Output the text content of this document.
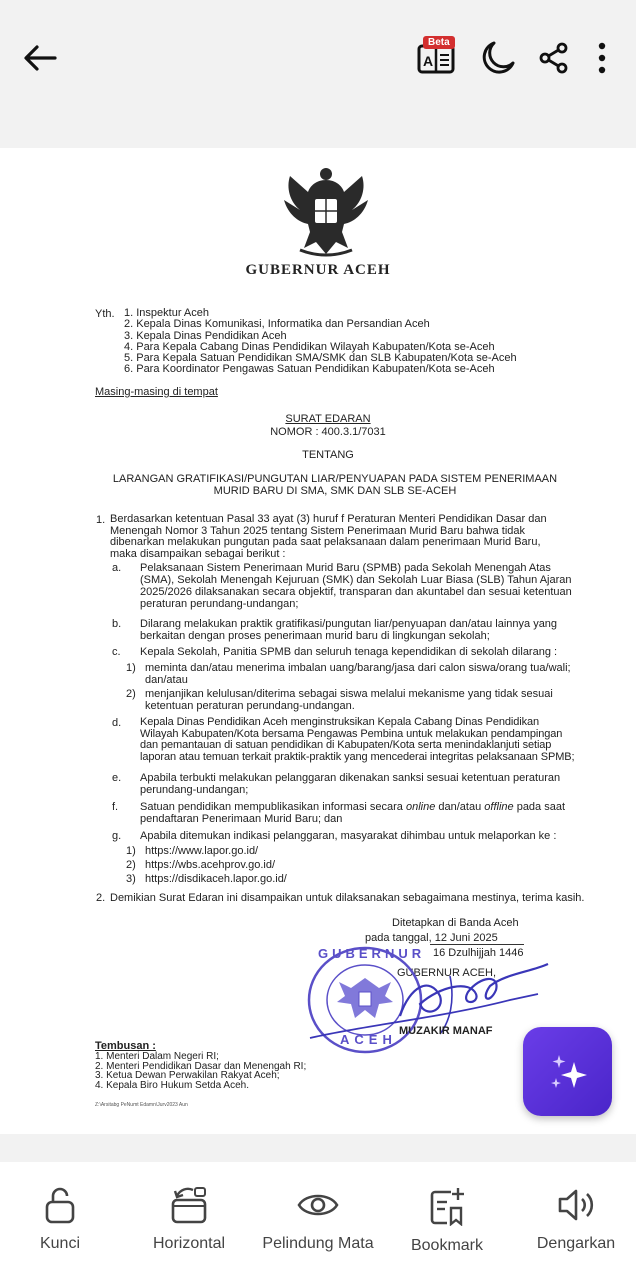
A
Beta
GUBERNUR ACEH
Yth. 1. Inspektur Aceh
2. Kepala Dinas Komunikasi, Informatika dan Persandian Aceh
3. Kepala Dinas Pendidikan Aceh
4. Para Kepala Cabang Dinas Pendidikan Wilayah Kabupaten/Kota se-Aceh
5. Para Kepala Satuan Pendidikan SMA/SMK dan SLB Kabupaten/Kota se-Aceh
6. Para Koordinator Pengawas Satuan Pendidikan Kabupaten/Kota se-Aceh
Masing-masing di tempat
SURAT EDARAN
NOMOR : 400.3.1/7031
TENTANG
LARANGAN GRATIFIKASI/PUNGUTAN LIAR/PENYUAPAN PADA SISTEM PENERIMAAN
MURID BARU DI SMA, SMK DAN SLB SE-ACEH
1. Berdasarkan ketentuan Pasal 33 ayat (3) huruf f Peraturan Menteri Pendidikan Dasar dan
Menengah Nomor 3 Tahun 2025 tentang Sistem Penerimaan Murid Baru bahwa tidak
dibenarkan melakukan pungutan pada saat pelaksanaan dalam penerimaan Murid Baru,
maka disampaikan sebagai berikut :
a. Pelaksanaan Sistem Penerimaan Murid Baru (SPMB) pada Sekolah Menengah Atas
(SMA), Sekolah Menengah Kejuruan (SMK) dan Sekolah Luar Biasa (SLB) Tahun Ajaran
2025/2026 dilaksanakan secara objektif, transparan dan akuntabel dan sesuai ketentuan
peraturan perundang-undangan;
b. Dilarang melakukan praktik gratifikasi/pungutan liar/penyuapan dan/atau lainnya yang
berkaitan dengan proses penerimaan murid baru di lingkungan sekolah;
c. Kepala Sekolah, Panitia SPMB dan seluruh tenaga kependidikan di sekolah dilarang :
1) meminta dan/atau menerima imbalan uang/barang/jasa dari calon siswa/orang tua/wali;
dan/atau
2) menjanjikan kelulusan/diterima sebagai siswa melalui mekanisme yang tidak sesuai
ketentuan peraturan perundang-undangan.
d. Kepala Dinas Pendidikan Aceh menginstruksikan Kepala Cabang Dinas Pendidikan
Wilayah Kabupaten/Kota bersama Pengawas Pembina untuk melakukan pendampingan
dan pemantauan di satuan pendidikan di Kabupaten/Kota serta menindaklanjuti setiap
laporan atau temuan terkait praktik-praktik yang mencederai integritas pelaksanaan SPMB;
e. Apabila terbukti melakukan pelanggaran dikenakan sanksi sesuai ketentuan peraturan
perundang-undangan;
f. Satuan pendidikan mempublikasikan informasi secara online dan/atau offline pada saat
pendaftaran Penerimaan Murid Baru; dan
g. Apabila ditemukan indikasi pelanggaran, masyarakat dihimbau untuk melaporkan ke :
1) https://www.lapor.go.id/
2) https://wbs.acehprov.go.id/
3) https://disdikaceh.lapor.go.id/
2. Demikian Surat Edaran ini disampaikan untuk dilaksanakan sebagaimana mestinya, terima kasih.
Ditetapkan di Banda Aceh
pada tanggal, 12 Juni 2025
16 Dzulhijjah 1446
GUBERNUR ACEH,
GUBERNUR
ACEH
MUZAKIR MANAF
Tembusan :
1. Menteri Dalam Negeri RI;
2. Menteri Pendidikan Dasar dan Menengah RI;
3. Ketua Dewan Perwakilan Rakyat Aceh;
4. Kepala Biro Hukum Setda Aceh.
Z:\Arsitabg PeNumt Edamn\Jurv2023 Aun
Kunci	Horizontal	Pelindung Mata	Bookmark	Dengarkan
